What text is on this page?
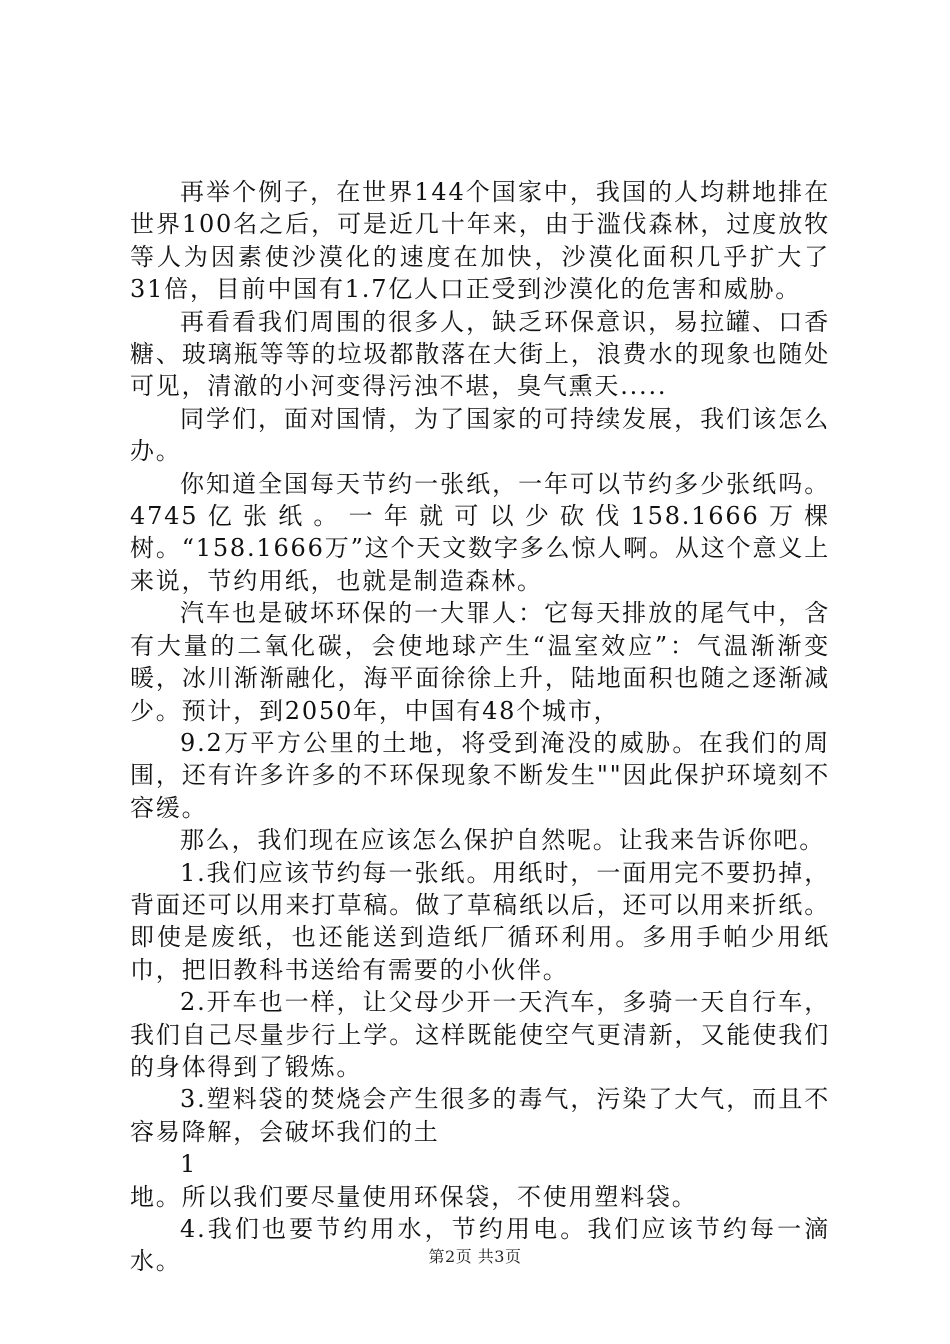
再举个例子，在世界144个国家中，我国的人均耕地排在世界100名之后，可是近几十年来，由于滥伐森林，过度放牧等人为因素使沙漠化的速度在加快，沙漠化面积几乎扩大了31倍，目前中国有1.7亿人口正受到沙漠化的危害和威胁。

再看看我们周围的很多人，缺乏环保意识，易拉罐、口香糖、玻璃瓶等等的垃圾都散落在大街上，浪费水的现象也随处可见，清澈的小河变得污浊不堪，臭气熏天.....

同学们，面对国情，为了国家的可持续发展，我们该怎么办。

你知道全国每天节约一张纸，一年可以节约多少张纸吗。4745亿张纸。一年就可以少砍伐158.1666万棵树。“158.1666万”这个天文数字多么惊人啊。从这个意义上来说，节约用纸，也就是制造森林。

汽车也是破坏环保的一大罪人：它每天排放的尾气中，含有大量的二氧化碳，会使地球产生“温室效应”：气温渐渐变暖，冰川渐渐融化，海平面徐徐上升，陆地面积也随之逐渐减少。预计，到2050年，中国有48个城市，

9.2万平方公里的土地，将受到淹没的威胁。在我们的周围，还有许多许多的不环保现象不断发生""因此保护环境刻不容缓。

那么，我们现在应该怎么保护自然呢。让我来告诉你吧。

1.我们应该节约每一张纸。用纸时，一面用完不要扔掉，背面还可以用来打草稿。做了草稿纸以后，还可以用来折纸。即使是废纸，也还能送到造纸厂循环利用。多用手帕少用纸巾，把旧教科书送给有需要的小伙伴。

2.开车也一样，让父母少开一天汽车，多骑一天自行车，我们自己尽量步行上学。这样既能使空气更清新，又能使我们的身体得到了锻炼。

3.塑料袋的焚烧会产生很多的毒气，污染了大气，而且不容易降解，会破坏我们的土

1

地。所以我们要尽量使用环保袋，不使用塑料袋。

4.我们也要节约用水，节约用电。我们应该节约每一滴水。	第2页 共3页
